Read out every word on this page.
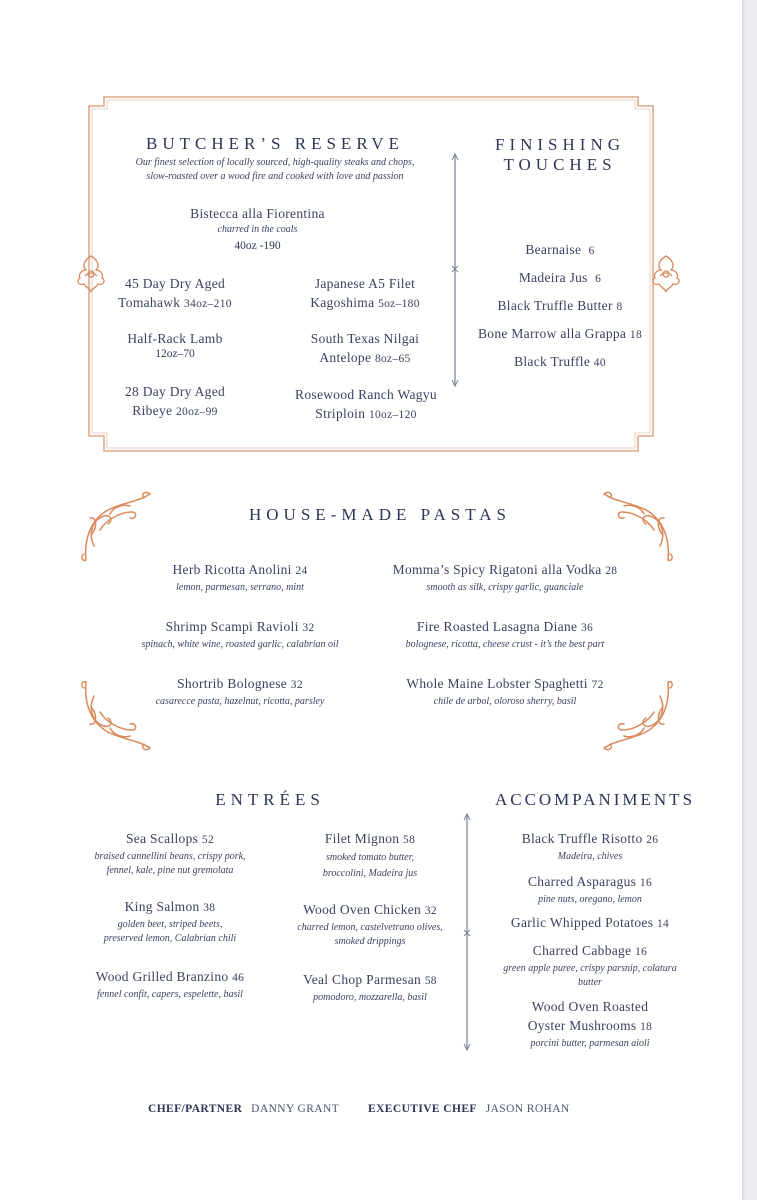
BUTCHER’S RESERVE
Our finest selection of locally sourced, high-quality steaks and chops,
slow-roasted over a wood fire and cooked with love and passion
Bistecca alla Fiorentina
charred in the coals
40oz -190
45 Day Dry Aged
Tomahawk 34oz–210
Japanese A5 Filet
Kagoshima 5oz–180
Half-Rack Lamb
12oz–70
South Texas Nilgai
Antelope 8oz–65
28 Day Dry Aged
Ribeye 20oz–99
Rosewood Ranch Wagyu
Striploin 10oz–120
FINISHING
TOUCHES
Bearnaise 6
Madeira Jus 6
Black Truffle Butter 8
Bone Marrow alla Grappa 18
Black Truffle 40
HOUSE-MADE PASTAS
Herb Ricotta Anolini 24
lemon, parmesan, serrano, mint
Momma’s Spicy Rigatoni alla Vodka 28
smooth as silk, crispy garlic, guanciale
Shrimp Scampi Ravioli 32
spinach, white wine, roasted garlic, calabrian oil
Fire Roasted Lasagna Diane 36
bolognese, ricotta, cheese crust - it’s the best part
Shortrib Bolognese 32
casarecce pasta, hazelnut, ricotta, parsley
Whole Maine Lobster Spaghetti 72
chile de arbol, oloroso sherry, basil
ENTRÉES
Sea Scallops 52
braised cannellini beans, crispy pork,
fennel, kale, pine nut gremolata
Filet Mignon 58
smoked tomato butter,
broccolini, Madeira jus
King Salmon 38
golden beet, striped beets,
preserved lemon, Calabrian chili
Wood Oven Chicken 32
charred lemon, castelvetrano olives,
smoked drippings
Wood Grilled Branzino 46
fennel confit, capers, espelette, basil
Veal Chop Parmesan 58
pomodoro, mozzarella, basil
ACCOMPANIMENTS
Black Truffle Risotto 26
Madeira, chives
Charred Asparagus 16
pine nuts, oregano, lemon
Garlic Whipped Potatoes 14
Charred Cabbage 16
green apple puree, crispy parsnip, colatura
butter
Wood Oven Roasted
Oyster Mushrooms 18
porcini butter, parmesan aioli
CHEF/PARTNER DANNY GRANT	EXECUTIVE CHEF JASON ROHAN
